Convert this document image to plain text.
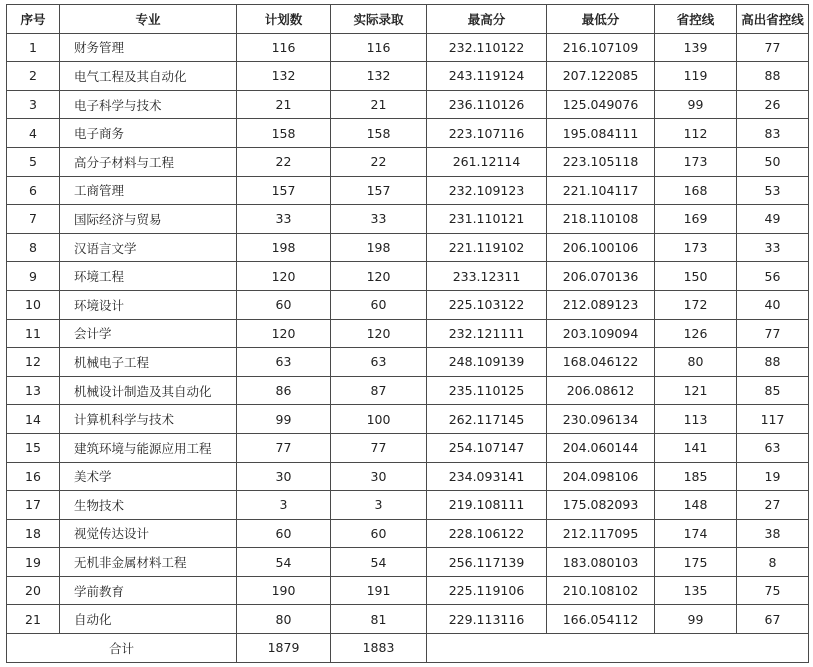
序号	专业	计划数	实际录取	最高分	最低分	省控线	高出省控线
1	财务管理	116	116	232.110122	216.107109	139	77
2	电气工程及其自动化	132	132	243.119124	207.122085	119	88
3	电子科学与技术	21	21	236.110126	125.049076	99	26
4	电子商务	158	158	223.107116	195.084111	112	83
5	高分子材料与工程	22	22	261.12114	223.105118	173	50
6	工商管理	157	157	232.109123	221.104117	168	53
7	国际经济与贸易	33	33	231.110121	218.110108	169	49
8	汉语言文学	198	198	221.119102	206.100106	173	33
9	环境工程	120	120	233.12311	206.070136	150	56
10	环境设计	60	60	225.103122	212.089123	172	40
11	会计学	120	120	232.121111	203.109094	126	77
12	机械电子工程	63	63	248.109139	168.046122	80	88
13	机械设计制造及其自动化	86	87	235.110125	206.08612	121	85
14	计算机科学与技术	99	100	262.117145	230.096134	113	117
15	建筑环境与能源应用工程	77	77	254.107147	204.060144	141	63
16	美术学	30	30	234.093141	204.098106	185	19
17	生物技术	3	3	219.108111	175.082093	148	27
18	视觉传达设计	60	60	228.106122	212.117095	174	38
19	无机非金属材料工程	54	54	256.117139	183.080103	175	8
20	学前教育	190	191	225.119106	210.108102	135	75
21	自动化	80	81	229.113116	166.054112	99	67
合计		1879	1883				
